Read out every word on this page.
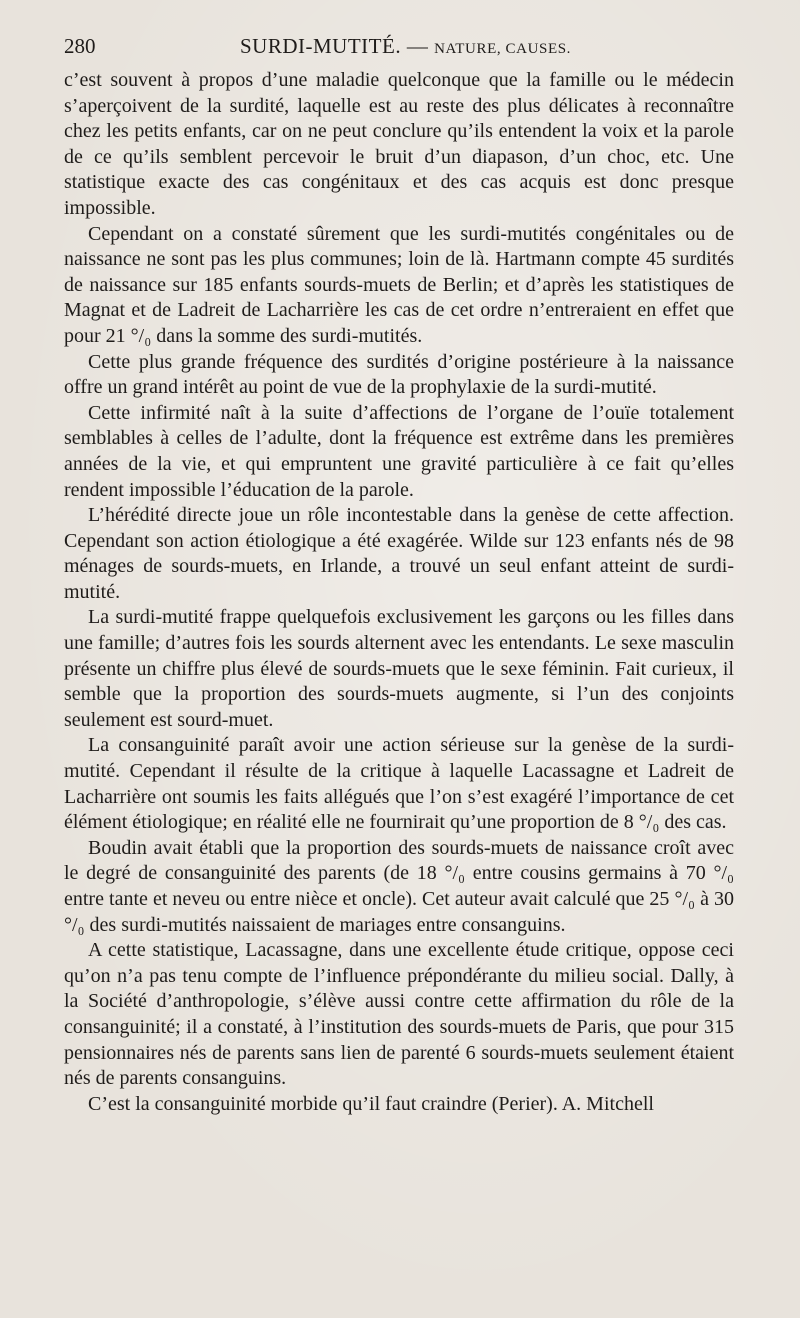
280	SURDI-MUTITÉ. — NATURE, CAUSES.

c’est souvent à propos d’une maladie quelconque que la famille ou le médecin s’aperçoivent de la surdité, laquelle est au reste des plus délicates à reconnaître chez les petits enfants, car on ne peut conclure qu’ils entendent la voix et la parole de ce qu’ils semblent percevoir le bruit d’un diapason, d’un choc, etc. Une statistique exacte des cas congénitaux et des cas acquis est donc presque impossible.

Cependant on a constaté sûrement que les surdi-mutités congénitales ou de naissance ne sont pas les plus communes; loin de là. Hartmann compte 45 surdités de naissance sur 185 enfants sourds-muets de Berlin; et d’après les statistiques de Magnat et de Ladreit de Lacharrière les cas de cet ordre n’entreraient en effet que pour 21 °/₀ dans la somme des surdi-mutités.

Cette plus grande fréquence des surdités d’origine postérieure à la naissance offre un grand intérêt au point de vue de la prophylaxie de la surdi-mutité.

Cette infirmité naît à la suite d’affections de l’organe de l’ouïe totalement semblables à celles de l’adulte, dont la fréquence est extrême dans les premières années de la vie, et qui empruntent une gravité particulière à ce fait qu’elles rendent impossible l’éducation de la parole.

L’hérédité directe joue un rôle incontestable dans la genèse de cette affection. Cependant son action étiologique a été exagérée. Wilde sur 123 enfants nés de 98 ménages de sourds-muets, en Irlande, a trouvé un seul enfant atteint de surdi-mutité.

La surdi-mutité frappe quelquefois exclusivement les garçons ou les filles dans une famille; d’autres fois les sourds alternent avec les entendants. Le sexe masculin présente un chiffre plus élevé de sourds-muets que le sexe féminin. Fait curieux, il semble que la proportion des sourds-muets augmente, si l’un des conjoints seulement est sourd-muet.

La consanguinité paraît avoir une action sérieuse sur la genèse de la surdi-mutité. Cependant il résulte de la critique à laquelle Lacassagne et Ladreit de Lacharrière ont soumis les faits allégués que l’on s’est exagéré l’importance de cet élément étiologique; en réalité elle ne fournirait qu’une proportion de 8 °/₀ des cas.

Boudin avait établi que la proportion des sourds-muets de naissance croît avec le degré de consanguinité des parents (de 18 °/₀ entre cousins germains à 70 °/₀ entre tante et neveu ou entre nièce et oncle). Cet auteur avait calculé que 25 °/₀ à 30 °/₀ des surdi-mutités naissaient de mariages entre consanguins.

A cette statistique, Lacassagne, dans une excellente étude critique, oppose ceci qu’on n’a pas tenu compte de l’influence prépondérante du milieu social. Dally, à la Société d’anthropologie, s’élève aussi contre cette affirmation du rôle de la consanguinité; il a constaté, à l’institution des sourds-muets de Paris, que pour 315 pensionnaires nés de parents sans lien de parenté 6 sourds-muets seulement étaient nés de parents consanguins.

C’est la consanguinité morbide qu’il faut craindre (Perier). A. Mitchell
